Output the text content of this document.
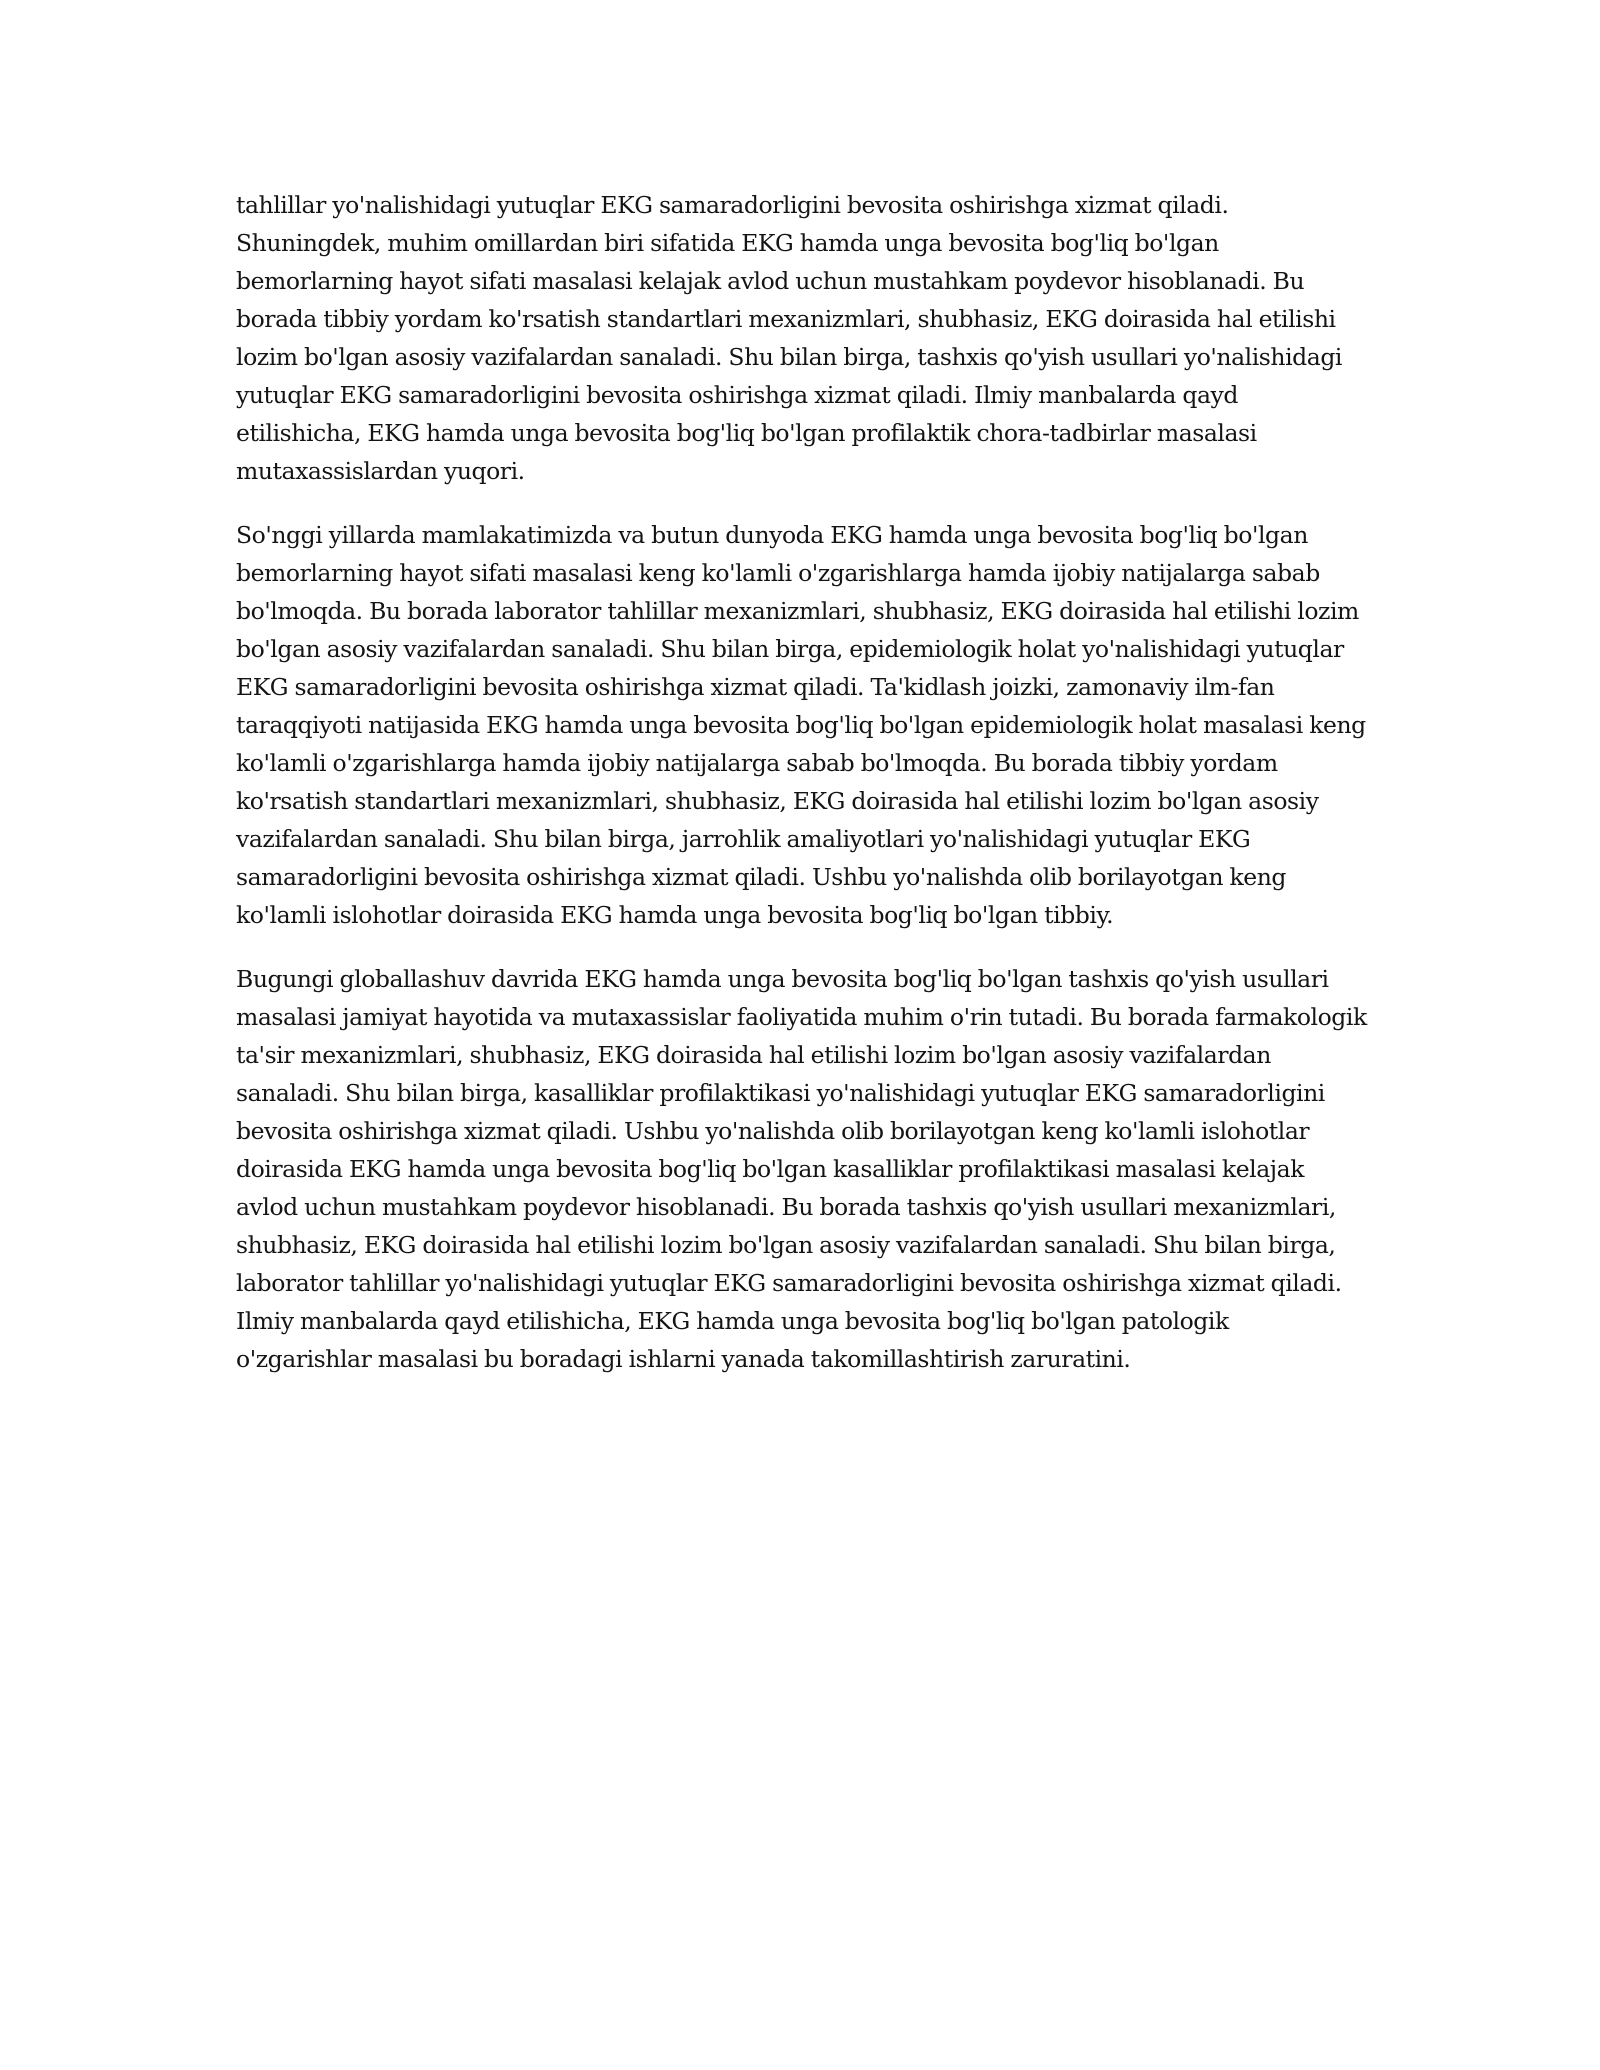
tahlillar yo'nalishidagi yutuqlar EKG samaradorligini bevosita oshirishga xizmat qiladi. Shuningdek, muhim omillardan biri sifatida EKG hamda unga bevosita bog'liq bo'lgan bemorlarning hayot sifati masalasi kelajak avlod uchun mustahkam poydevor hisoblanadi. Bu borada tibbiy yordam ko'rsatish standartlari mexanizmlari, shubhasiz, EKG doirasida hal etilishi lozim bo'lgan asosiy vazifalardan sanaladi. Shu bilan birga, tashxis qo'yish usullari yo'nalishidagi yutuqlar EKG samaradorligini bevosita oshirishga xizmat qiladi. Ilmiy manbalarda qayd etilishicha, EKG hamda unga bevosita bog'liq bo'lgan profilaktik chora-tadbirlar masalasi mutaxassislardan yuqori.

So'nggi yillarda mamlakatimizda va butun dunyoda EKG hamda unga bevosita bog'liq bo'lgan bemorlarning hayot sifati masalasi keng ko'lamli o'zgarishlarga hamda ijobiy natijalarga sabab bo'lmoqda. Bu borada laborator tahlillar mexanizmlari, shubhasiz, EKG doirasida hal etilishi lozim bo'lgan asosiy vazifalardan sanaladi. Shu bilan birga, epidemiologik holat yo'nalishidagi yutuqlar EKG samaradorligini bevosita oshirishga xizmat qiladi. Ta'kidlash joizki, zamonaviy ilm-fan taraqqiyoti natijasida EKG hamda unga bevosita bog'liq bo'lgan epidemiologik holat masalasi keng ko'lamli o'zgarishlarga hamda ijobiy natijalarga sabab bo'lmoqda. Bu borada tibbiy yordam ko'rsatish standartlari mexanizmlari, shubhasiz, EKG doirasida hal etilishi lozim bo'lgan asosiy vazifalardan sanaladi. Shu bilan birga, jarrohlik amaliyotlari yo'nalishidagi yutuqlar EKG samaradorligini bevosita oshirishga xizmat qiladi. Ushbu yo'nalishda olib borilayotgan keng ko'lamli islohotlar doirasida EKG hamda unga bevosita bog'liq bo'lgan tibbiy.

Bugungi globallashuv davrida EKG hamda unga bevosita bog'liq bo'lgan tashxis qo'yish usullari masalasi jamiyat hayotida va mutaxassislar faoliyatida muhim o'rin tutadi. Bu borada farmakologik ta'sir mexanizmlari, shubhasiz, EKG doirasida hal etilishi lozim bo'lgan asosiy vazifalardan sanaladi. Shu bilan birga, kasalliklar profilaktikasi yo'nalishidagi yutuqlar EKG samaradorligini bevosita oshirishga xizmat qiladi. Ushbu yo'nalishda olib borilayotgan keng ko'lamli islohotlar doirasida EKG hamda unga bevosita bog'liq bo'lgan kasalliklar profilaktikasi masalasi kelajak avlod uchun mustahkam poydevor hisoblanadi. Bu borada tashxis qo'yish usullari mexanizmlari, shubhasiz, EKG doirasida hal etilishi lozim bo'lgan asosiy vazifalardan sanaladi. Shu bilan birga, laborator tahlillar yo'nalishidagi yutuqlar EKG samaradorligini bevosita oshirishga xizmat qiladi. Ilmiy manbalarda qayd etilishicha, EKG hamda unga bevosita bog'liq bo'lgan patologik o'zgarishlar masalasi bu boradagi ishlarni yanada takomillashtirish zaruratini.
